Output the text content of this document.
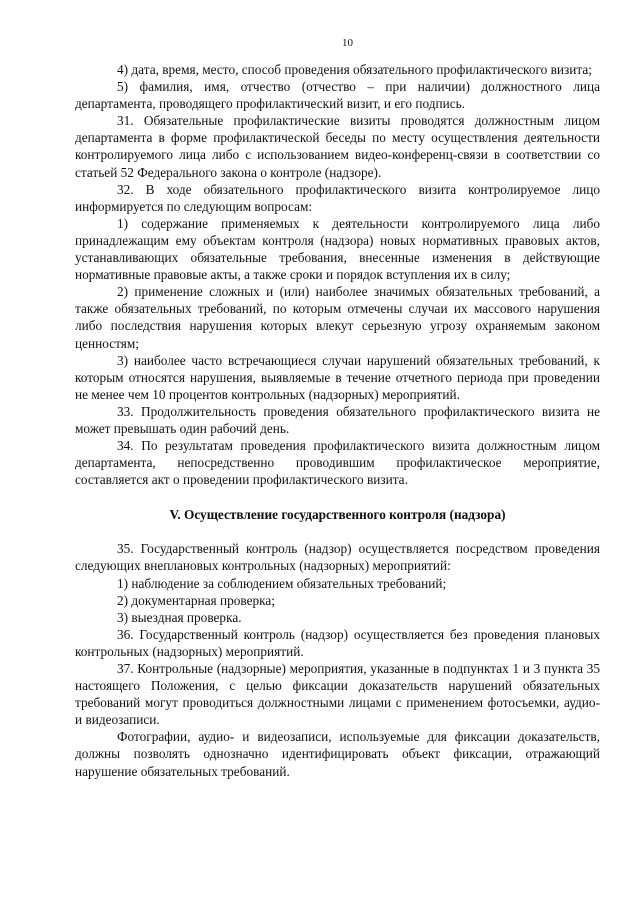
10

4) дата, время, место, способ проведения обязательного профилактического визита;

5) фамилия, имя, отчество (отчество – при наличии) должностного лица департамента, проводящего профилактический визит, и его подпись.

31. Обязательные профилактические визиты проводятся должностным лицом департамента в форме профилактической беседы по месту осуществления деятельности контролируемого лица либо с использованием видео-конференц-связи в соответствии со статьей 52 Федерального закона о контроле (надзоре).

32. В ходе обязательного профилактического визита контролируемое лицо информируется по следующим вопросам:

1) содержание применяемых к деятельности контролируемого лица либо принадлежащим ему объектам контроля (надзора) новых нормативных правовых актов, устанавливающих обязательные требования, внесенные изменения в действующие нормативные правовые акты, а также сроки и порядок вступления их в силу;

2) применение сложных и (или) наиболее значимых обязательных требований, а также обязательных требований, по которым отмечены случаи их массового нарушения либо последствия нарушения которых влекут серьезную угрозу охраняемым законом ценностям;

3) наиболее часто встречающиеся случаи нарушений обязательных требований, к которым относятся нарушения, выявляемые в течение отчетного периода при проведении не менее чем 10 процентов контрольных (надзорных) мероприятий.

33. Продолжительность проведения обязательного профилактического визита не может превышать один рабочий день.

34. По результатам проведения профилактического визита должностным лицом департамента, непосредственно проводившим профилактическое мероприятие, составляется акт о проведении профилактического визита.

V. Осуществление государственного контроля (надзора)

35. Государственный контроль (надзор) осуществляется посредством проведения следующих внеплановых контрольных (надзорных) мероприятий:

1) наблюдение за соблюдением обязательных требований;

2) документарная проверка;

3) выездная проверка.

36. Государственный контроль (надзор) осуществляется без проведения плановых контрольных (надзорных) мероприятий.

37. Контрольные (надзорные) мероприятия, указанные в подпунктах 1 и 3 пункта 35 настоящего Положения, с целью фиксации доказательств нарушений обязательных требований могут проводиться должностными лицами с применением фотосъемки, аудио- и видеозаписи.

Фотографии, аудио- и видеозаписи, используемые для фиксации доказательств, должны позволять однозначно идентифицировать объект фиксации, отражающий нарушение обязательных требований.
